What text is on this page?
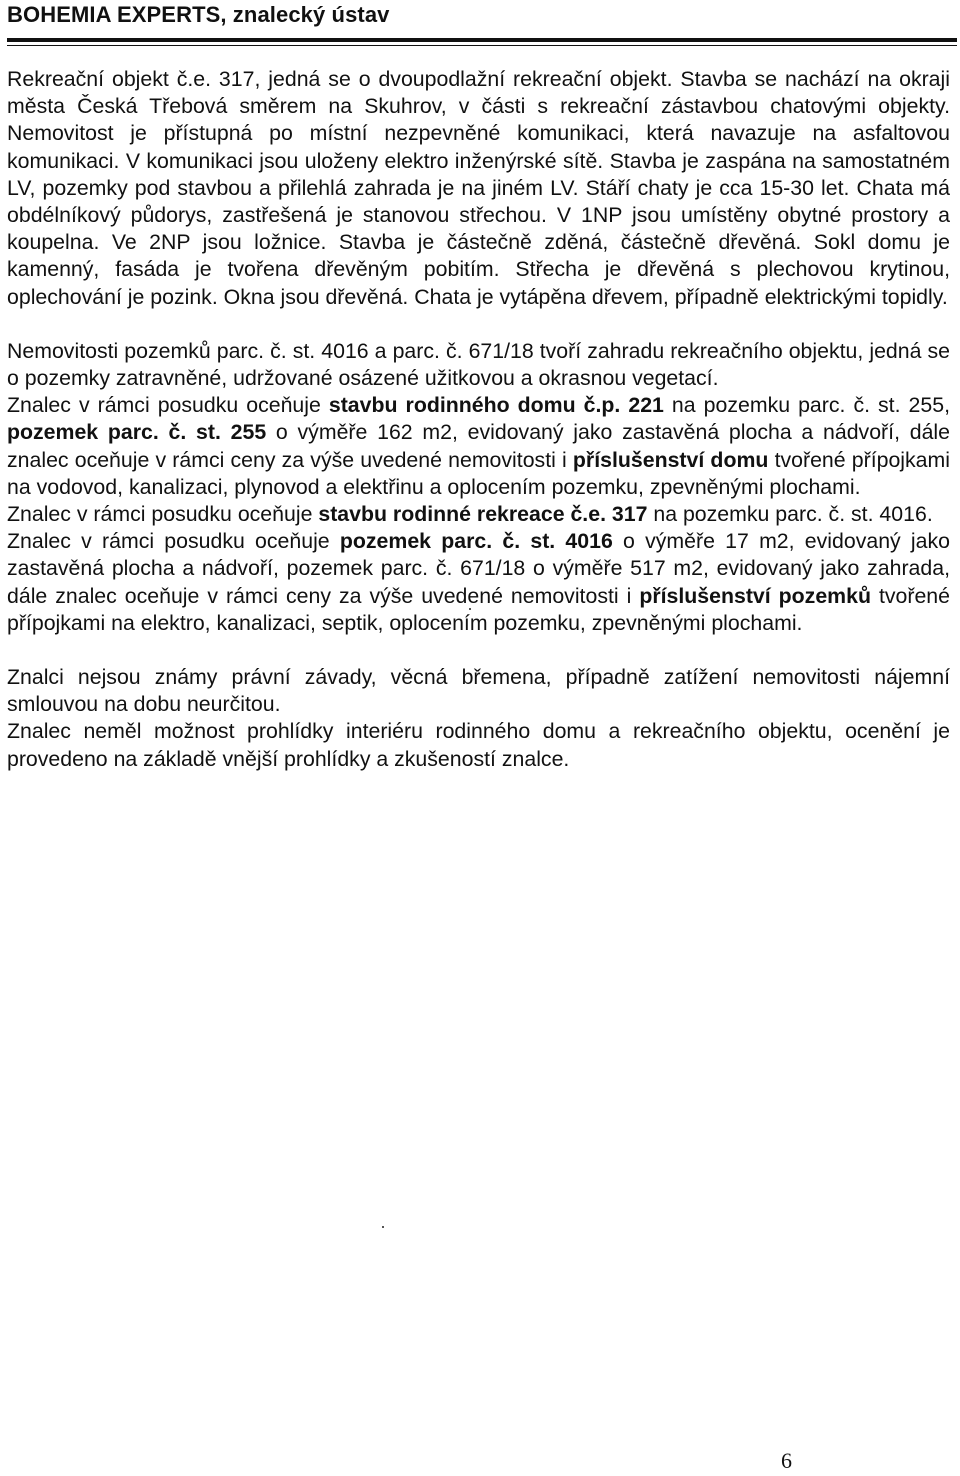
BOHEMIA EXPERTS, znalecký ústav

Rekreační objekt č.e. 317, jedná se o dvoupodlažní rekreační objekt. Stavba se nachází na okraji města Česká Třebová směrem na Skuhrov, v části s rekreační zástavbou chatovými objekty. Nemovitost je přístupná po místní nezpevněné komunikaci, která navazuje na asfaltovou komunikaci. V komunikaci jsou uloženy elektro inženýrské sítě. Stavba je zaspána na samostatném LV, pozemky pod stavbou a přilehlá zahrada je na jiném LV. Stáří chaty je cca 15-30 let. Chata má obdélníkový půdorys, zastřešená je stanovou střechou. V 1NP jsou umístěny obytné prostory a koupelna. Ve 2NP jsou ložnice. Stavba je částečně zděná, částečně dřevěná. Sokl domu je kamenný, fasáda je tvořena dřevěným pobitím. Střecha je dřevěná s plechovou krytinou, oplechování je pozink. Okna jsou dřevěná. Chata je vytápěna dřevem, případně elektrickými topidly.

Nemovitosti pozemků parc. č. st. 4016 a parc. č. 671/18 tvoří zahradu rekreačního objektu, jedná se o pozemky zatravněné, udržované osázené užitkovou a okrasnou vegetací.

Znalec v rámci posudku oceňuje stavbu rodinného domu č.p. 221 na pozemku parc. č. st. 255, pozemek parc. č. st. 255 o výměře 162 m2, evidovaný jako zastavěná plocha a nádvoří, dále znalec oceňuje v rámci ceny za výše uvedené nemovitosti i příslušenství domu tvořené přípojkami na vodovod, kanalizaci, plynovod a elektřinu a oplocením pozemku, zpevněnými plochami.

Znalec v rámci posudku oceňuje stavbu rodinné rekreace č.e. 317 na pozemku parc. č. st. 4016.

Znalec v rámci posudku oceňuje pozemek parc. č. st. 4016 o výměře 17 m2, evidovaný jako zastavěná plocha a nádvoří, pozemek parc. č. 671/18 o výměře 517 m2, evidovaný jako zahrada, dále znalec oceňuje v rámci ceny za výše uvedené nemovitosti i příslušenství pozemků tvořené přípojkami na elektro, kanalizaci, septik, oplocením pozemku, zpevněnými plochami.

Znalci nejsou známy právní závady, věcná břemena, případně zatížení nemovitosti nájemní smlouvou na dobu neurčitou.

Znalec neměl možnost prohlídky interiéru rodinného domu a rekreačního objektu, ocenění je provedeno na základě vnější prohlídky a zkušeností znalce.

6
